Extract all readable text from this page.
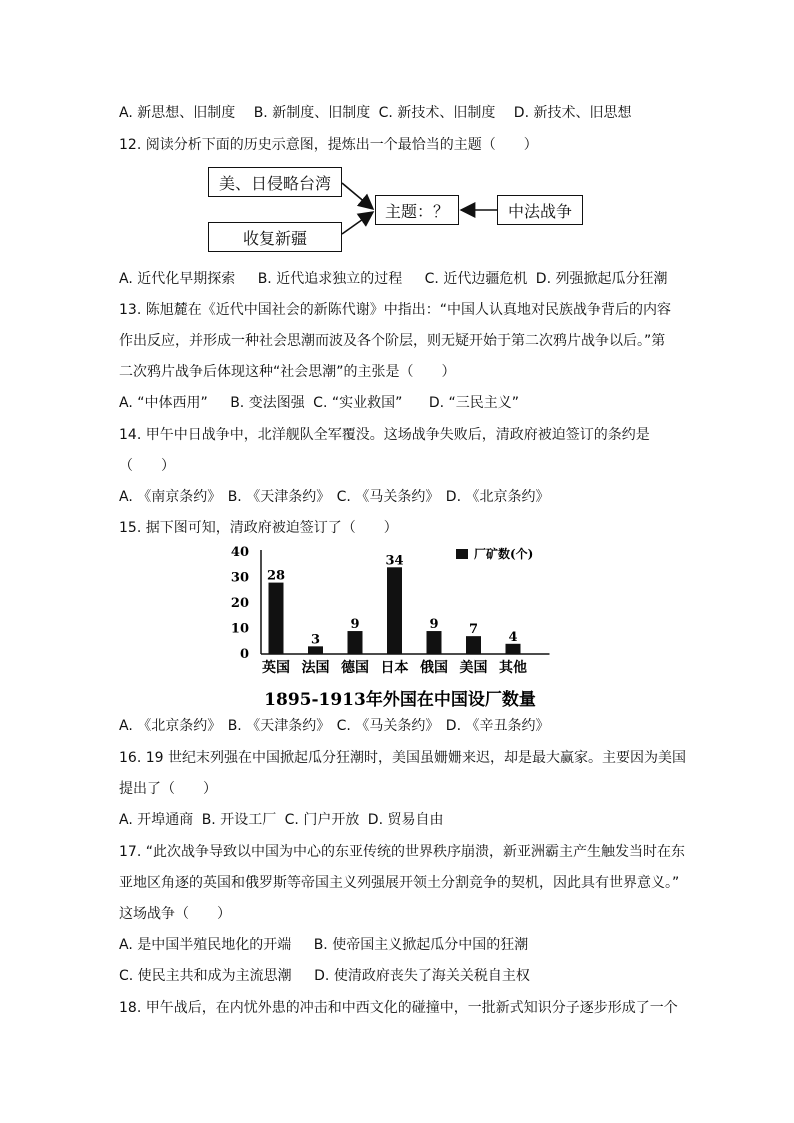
A. 新思想、旧制度 B. 新制度、旧制度 C. 新技术、旧制度 D. 新技术、旧思想
12. 阅读分析下面的历史示意图，提炼出一个最恰当的主题（　　）
美、日侵略台湾
收复新疆
主题：？	中法战争
A. 近代化早期探索 B. 近代追求独立的过程 C. 近代边疆危机 D. 列强掀起瓜分狂潮
13. 陈旭麓在《近代中国社会的新陈代谢》中指出：“中国人认真地对民族战争背后的内容
作出反应，并形成一种社会思潮而波及各个阶层，则无疑开始于第二次鸦片战争以后。”第
二次鸦片战争后体现这种“社会思潮”的主张是（　　）
A. “中体西用” B. 变法图强 C. “实业救国” D. “三民主义”
14. 甲午中日战争中，北洋舰队全军覆没。这场战争失败后，清政府被迫签订的条约是
（　　）
A. 《南京条约》 B. 《天津条约》 C. 《马关条约》 D. 《北京条约》
15. 据下图可知，清政府被迫签订了（　　）
0
10
20
30
40
28
英国
3
法国
9
德国
34
日本
9
俄国
7
美国
4
其他
厂矿数(个)
1895-1913年外国在中国设厂数量
A. 《北京条约》 B. 《天津条约》 C. 《马关条约》 D. 《辛丑条约》
16. 19 世纪末列强在中国掀起瓜分狂潮时，美国虽姗姗来迟，却是最大赢家。主要因为美国
提出了（　　）
A. 开埠通商 B. 开设工厂 C. 门户开放 D. 贸易自由
17. “此次战争导致以中国为中心的东亚传统的世界秩序崩溃，新亚洲霸主产生触发当时在东
亚地区角逐的英国和俄罗斯等帝国主义列强展开领土分割竞争的契机，因此具有世界意义。”
这场战争（　　）
A. 是中国半殖民地化的开端 B. 使帝国主义掀起瓜分中国的狂潮
C. 使民主共和成为主流思潮 D. 使清政府丧失了海关关税自主权
18. 甲午战后，在内忧外患的冲击和中西文化的碰撞中，一批新式知识分子逐步形成了一个
